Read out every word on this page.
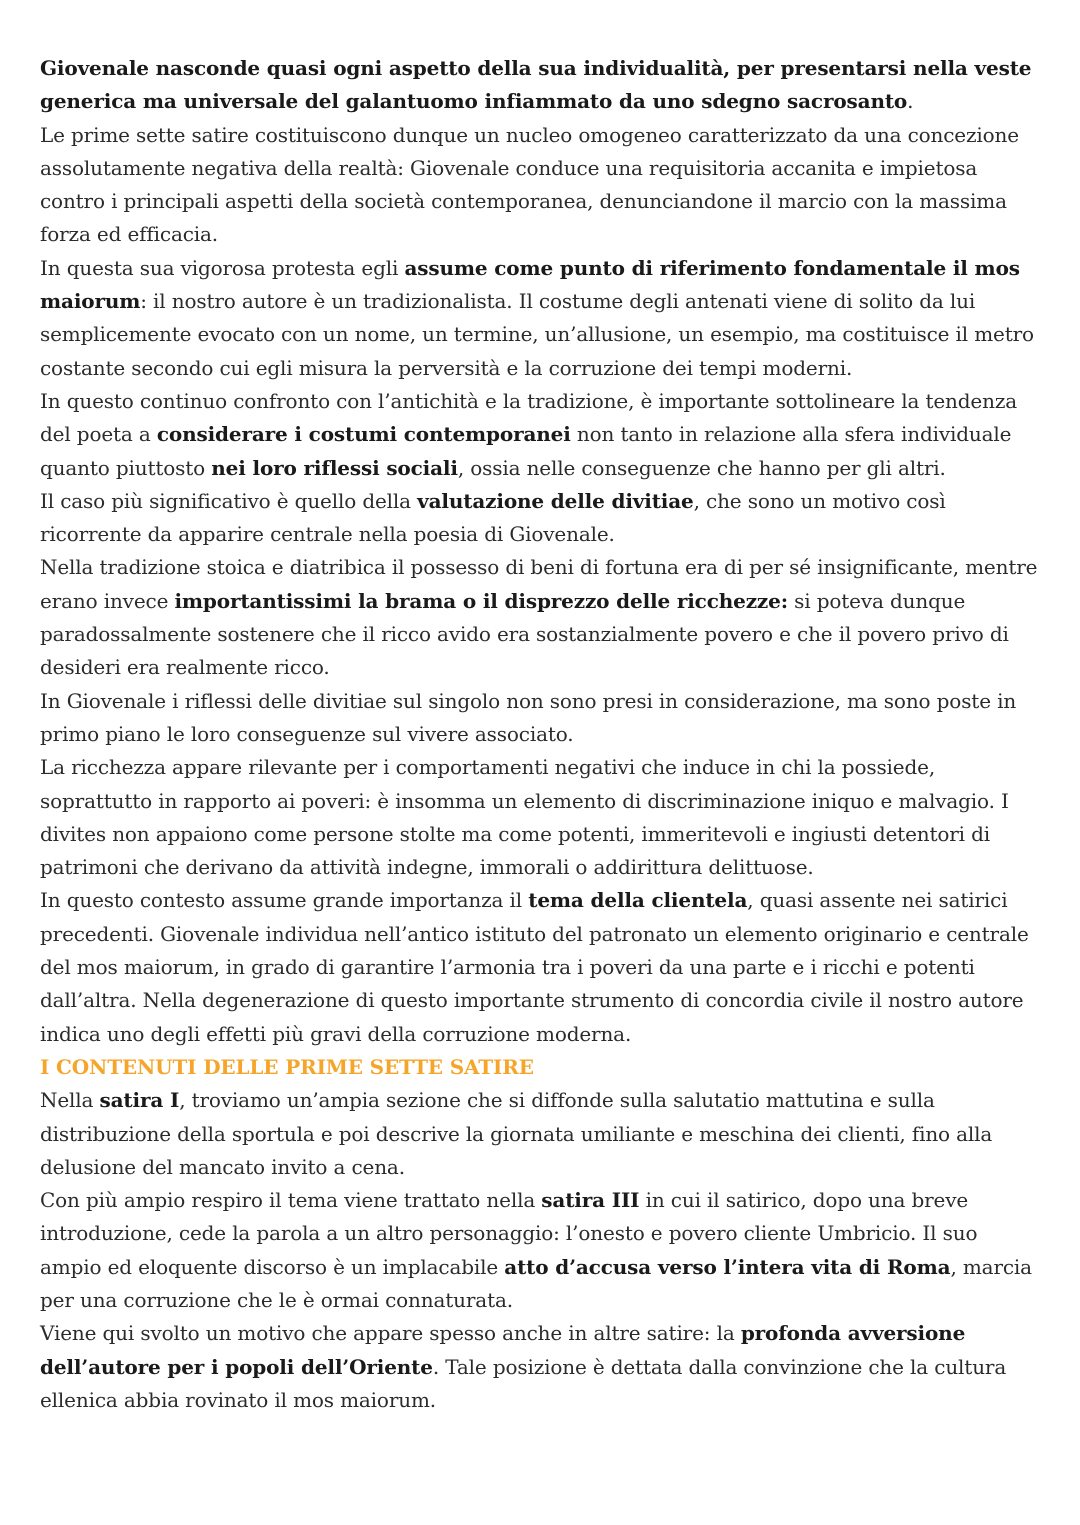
Giovenale nasconde quasi ogni aspetto della sua individualità, per presentarsi nella veste generica ma universale del galantuomo infiammato da uno sdegno sacrosanto.

Le prime sette satire costituiscono dunque un nucleo omogeneo caratterizzato da una concezione assolutamente negativa della realtà: Giovenale conduce una requisitoria accanita e impietosa contro i principali aspetti della società contemporanea, denunciandone il marcio con la massima forza ed efficacia.

In questa sua vigorosa protesta egli assume come punto di riferimento fondamentale il mos maiorum: il nostro autore è un tradizionalista. Il costume degli antenati viene di solito da lui semplicemente evocato con un nome, un termine, un’allusione, un esempio, ma costituisce il metro costante secondo cui egli misura la perversità e la corruzione dei tempi moderni.

In questo continuo confronto con l’antichità e la tradizione, è importante sottolineare la tendenza del poeta a considerare i costumi contemporanei non tanto in relazione alla sfera individuale quanto piuttosto nei loro riflessi sociali, ossia nelle conseguenze che hanno per gli altri.

Il caso più significativo è quello della valutazione delle divitiae, che sono un motivo così ricorrente da apparire centrale nella poesia di Giovenale.

Nella tradizione stoica e diatribica il possesso di beni di fortuna era di per sé insignificante, mentre erano invece importantissimi la brama o il disprezzo delle ricchezze: si poteva dunque paradossalmente sostenere che il ricco avido era sostanzialmente povero e che il povero privo di desideri era realmente ricco.

In Giovenale i riflessi delle divitiae sul singolo non sono presi in considerazione, ma sono poste in primo piano le loro conseguenze sul vivere associato.

La ricchezza appare rilevante per i comportamenti negativi che induce in chi la possiede, soprattutto in rapporto ai poveri: è insomma un elemento di discriminazione iniquo e malvagio. I divites non appaiono come persone stolte ma come potenti, immeritevoli e ingiusti detentori di patrimoni che derivano da attività indegne, immorali o addirittura delittuose.

In questo contesto assume grande importanza il tema della clientela, quasi assente nei satirici precedenti. Giovenale individua nell’antico istituto del patronato un elemento originario e centrale del mos maiorum, in grado di garantire l’armonia tra i poveri da una parte e i ricchi e potenti dall’altra. Nella degenerazione di questo importante strumento di concordia civile il nostro autore indica uno degli effetti più gravi della corruzione moderna.

I CONTENUTI DELLE PRIME SETTE SATIRE

Nella satira I, troviamo un’ampia sezione che si diffonde sulla salutatio mattutina e sulla distribuzione della sportula e poi descrive la giornata umiliante e meschina dei clienti, fino alla delusione del mancato invito a cena.

Con più ampio respiro il tema viene trattato nella satira III in cui il satirico, dopo una breve introduzione, cede la parola a un altro personaggio: l’onesto e povero cliente Umbricio. Il suo ampio ed eloquente discorso è un implacabile atto d’accusa verso l’intera vita di Roma, marcia per una corruzione che le è ormai connaturata.

Viene qui svolto un motivo che appare spesso anche in altre satire: la profonda avversione dell’autore per i popoli dell’Oriente. Tale posizione è dettata dalla convinzione che la cultura ellenica abbia rovinato il mos maiorum.
